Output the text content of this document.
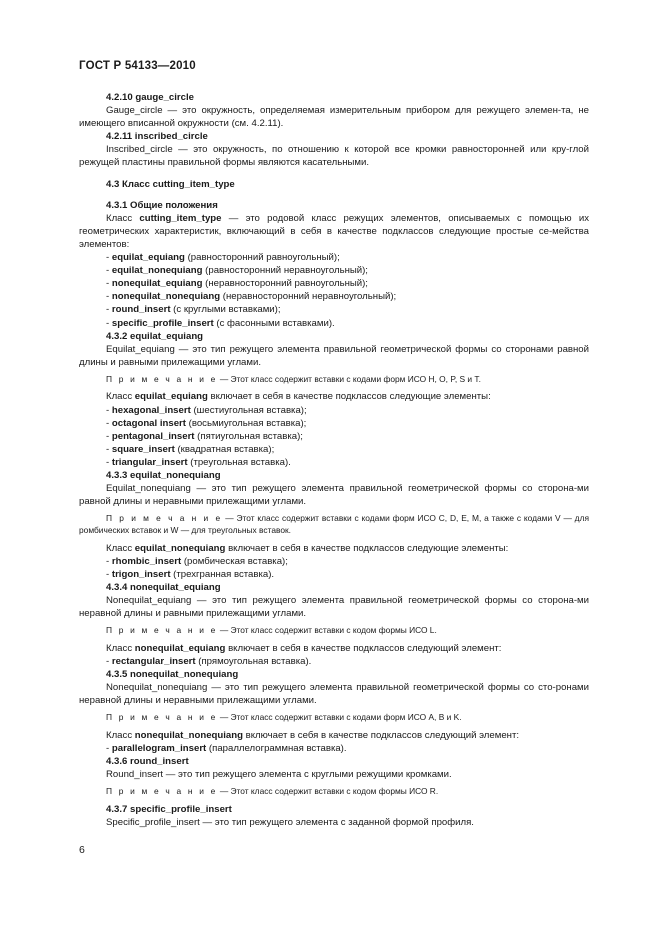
ГОСТ Р 54133—2010

4.2.10 gauge_circle

Gauge_circle — это окружность, определяемая измерительным прибором для режущего элемен-та, не имеющего вписанной окружности (см. 4.2.11).

4.2.11 inscribed_circle

Inscribed_circle — это окружность, по отношению к которой все кромки равносторонней или кру-глой режущей пластины правильной формы являются касательными.

4.3 Класс cutting_item_type

4.3.1 Общие положения

Класс cutting_item_type — это родовой класс режущих элементов, описываемых с помощью их геометрических характеристик, включающий в себя в качестве подклассов следующие простые се-мейства элементов:

- equilat_equiang (равносторонний равноугольный);

- equilat_nonequiang (равносторонний неравноугольный);

- nonequilat_equiang (неравносторонний равноугольный);

- nonequilat_nonequiang (неравносторонний неравноугольный);

- round_insert (с круглыми вставками);

- specific_profile_insert (с фасонными вставками).

4.3.2 equilat_equiang

Equilat_equiang — это тип режущего элемента правильной геометрической формы со сторонами равной длины и равными прилежащими углами.

П р и м е ч а н и е — Этот класс содержит вставки с кодами форм ИСО H, O, P, S и T.

Класс equilat_equiang включает в себя в качестве подклассов следующие элементы:

- hexagonal_insert (шестиугольная вставка);

- octagonal insert (восьмиугольная вставка);

- pentagonal_insert (пятиугольная вставка);

- square_insert (квадратная вставка);

- triangular_insert (треугольная вставка).

4.3.3 equilat_nonequiang

Equilat_nonequiang — это тип режущего элемента правильной геометрической формы со сторона-ми равной длины и неравными прилежащими углами.

П р и м е ч а н и е — Этот класс содержит вставки с кодами форм ИСО C, D, E, M, а также с кодами V — для ромбических вставок и W — для треугольных вставок.

Класс equilat_nonequiang включает в себя в качестве подклассов следующие элементы:

- rhombic_insert (ромбическая вставка);

- trigon_insert (трехгранная вставка).

4.3.4 nonequilat_equiang

Nonequilat_equiang — это тип режущего элемента правильной геометрической формы со сторона-ми неравной длины и равными прилежащими углами.

П р и м е ч а н и е — Этот класс содержит вставки с кодом формы ИСО L.

Класс nonequilat_equiang включает в себя в качестве подклассов следующий элемент:

- rectangular_insert (прямоугольная вставка).

4.3.5 nonequilat_nonequiang

Nonequilat_nonequiang — это тип режущего элемента правильной геометрической формы со сто-ронами неравной длины и неравными прилежащими углами.

П р и м е ч а н и е — Этот класс содержит вставки с кодами форм ИСО A, B и K.

Класс nonequilat_nonequiang включает в себя в качестве подклассов следующий элемент:

- parallelogram_insert (параллелограммная вставка).

4.3.6 round_insert

Round_insert — это тип режущего элемента с круглыми режущими кромками.

П р и м е ч а н и е — Этот класс содержит вставки с кодом формы ИСО R.

4.3.7 specific_profile_insert

Specific_profile_insert — это тип режущего элемента с заданной формой профиля.

6
